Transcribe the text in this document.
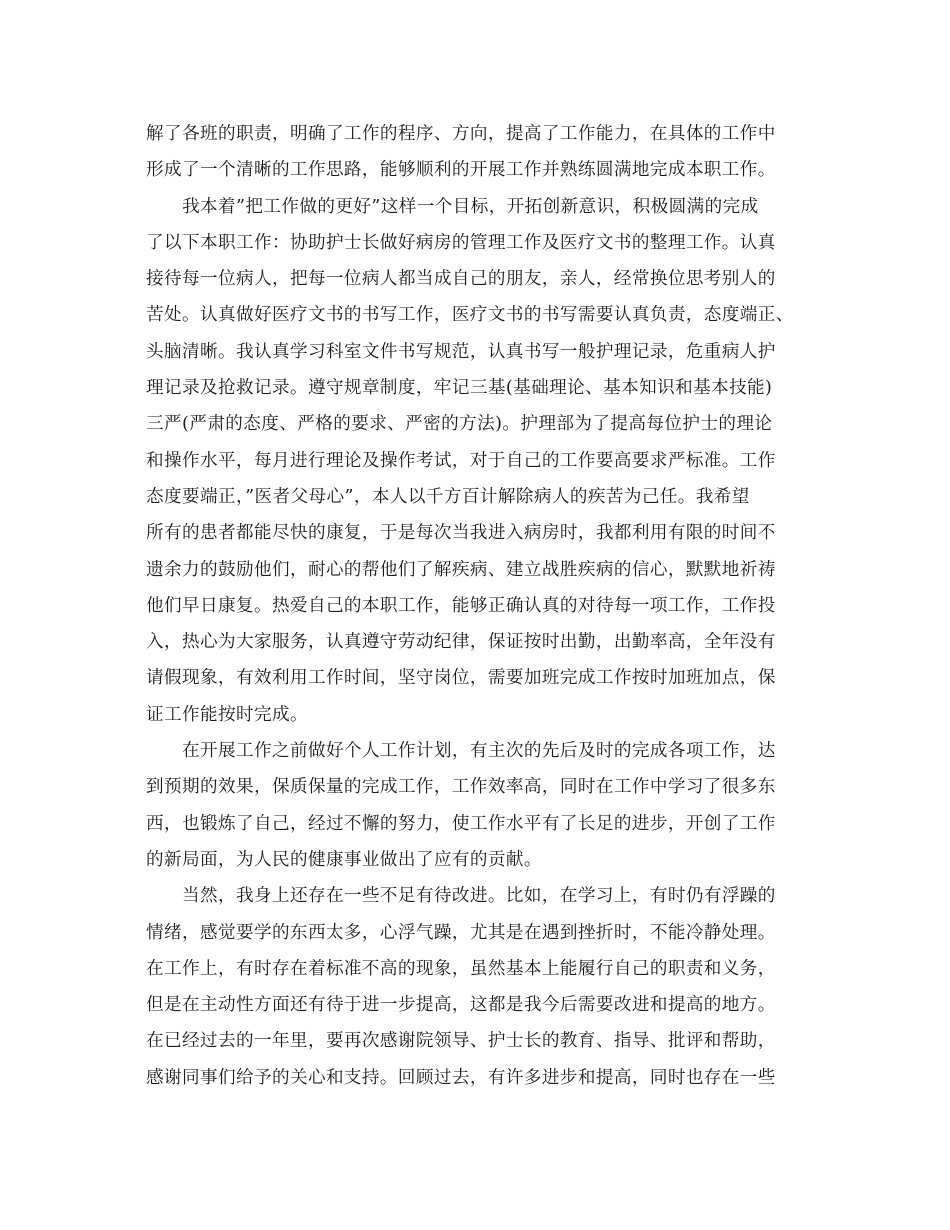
解了各班的职责，明确了工作的程序、方向，提高了工作能力，在具体的工作中
形成了一个清晰的工作思路，能够顺利的开展工作并熟练圆满地完成本职工作。
我本着”把工作做的更好”这样一个目标，开拓创新意识，积极圆满的完成
了以下本职工作：协助护士长做好病房的管理工作及医疗文书的整理工作。认真
接待每一位病人，把每一位病人都当成自己的朋友，亲人，经常换位思考别人的
苦处。认真做好医疗文书的书写工作，医疗文书的书写需要认真负责，态度端正、
头脑清晰。我认真学习科室文件书写规范，认真书写一般护理记录，危重病人护
理记录及抢救记录。遵守规章制度，牢记三基(基础理论、基本知识和基本技能)
三严(严肃的态度、严格的要求、严密的方法)。护理部为了提高每位护士的理论
和操作水平，每月进行理论及操作考试，对于自己的工作要高要求严标准。工作
态度要端正，”医者父母心”，本人以千方百计解除病人的疾苦为己任。我希望
所有的患者都能尽快的康复，于是每次当我进入病房时，我都利用有限的时间不
遗余力的鼓励他们，耐心的帮他们了解疾病、建立战胜疾病的信心，默默地祈祷
他们早日康复。热爱自己的本职工作，能够正确认真的对待每一项工作，工作投
入，热心为大家服务，认真遵守劳动纪律，保证按时出勤，出勤率高，全年没有
请假现象，有效利用工作时间，坚守岗位，需要加班完成工作按时加班加点，保
证工作能按时完成。
在开展工作之前做好个人工作计划，有主次的先后及时的完成各项工作，达
到预期的效果，保质保量的完成工作，工作效率高，同时在工作中学习了很多东
西，也锻炼了自己，经过不懈的努力，使工作水平有了长足的进步，开创了工作
的新局面，为人民的健康事业做出了应有的贡献。
当然，我身上还存在一些不足有待改进。比如，在学习上，有时仍有浮躁的
情绪，感觉要学的东西太多，心浮气躁，尤其是在遇到挫折时，不能冷静处理。
在工作上，有时存在着标准不高的现象，虽然基本上能履行自己的职责和义务，
但是在主动性方面还有待于进一步提高，这都是我今后需要改进和提高的地方。
在已经过去的一年里，要再次感谢院领导、护士长的教育、指导、批评和帮助，
感谢同事们给予的关心和支持。回顾过去，有许多进步和提高，同时也存在一些
